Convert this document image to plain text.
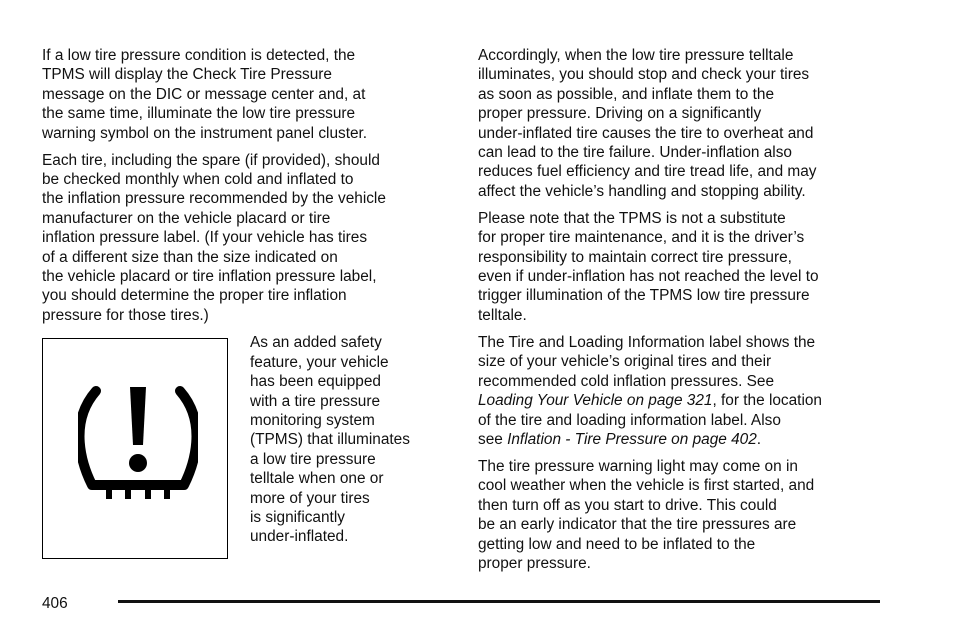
If a low tire pressure condition is detected, the
TPMS will display the Check Tire Pressure
message on the DIC or message center and, at
the same time, illuminate the low tire pressure
warning symbol on the instrument panel cluster.

Each tire, including the spare (if provided), should
be checked monthly when cold and inflated to
the inflation pressure recommended by the vehicle
manufacturer on the vehicle placard or tire
inflation pressure label. (If your vehicle has tires
of a different size than the size indicated on
the vehicle placard or tire inflation pressure label,
you should determine the proper tire inflation
pressure for those tires.)

As an added safety
feature, your vehicle
has been equipped
with a tire pressure
monitoring system
(TPMS) that illuminates
a low tire pressure
telltale when one or
more of your tires
is significantly
under-inflated.

Accordingly, when the low tire pressure telltale
illuminates, you should stop and check your tires
as soon as possible, and inflate them to the
proper pressure. Driving on a significantly
under-inflated tire causes the tire to overheat and
can lead to the tire failure. Under-inflation also
reduces fuel efficiency and tire tread life, and may
affect the vehicle’s handling and stopping ability.

Please note that the TPMS is not a substitute
for proper tire maintenance, and it is the driver’s
responsibility to maintain correct tire pressure,
even if under-inflation has not reached the level to
trigger illumination of the TPMS low tire pressure
telltale.

The Tire and Loading Information label shows the
size of your vehicle’s original tires and their
recommended cold inflation pressures. See
Loading Your Vehicle on page 321, for the location
of the tire and loading information label. Also
see Inflation - Tire Pressure on page 402.

The tire pressure warning light may come on in
cool weather when the vehicle is first started, and
then turn off as you start to drive. This could
be an early indicator that the tire pressures are
getting low and need to be inflated to the
proper pressure.

406
